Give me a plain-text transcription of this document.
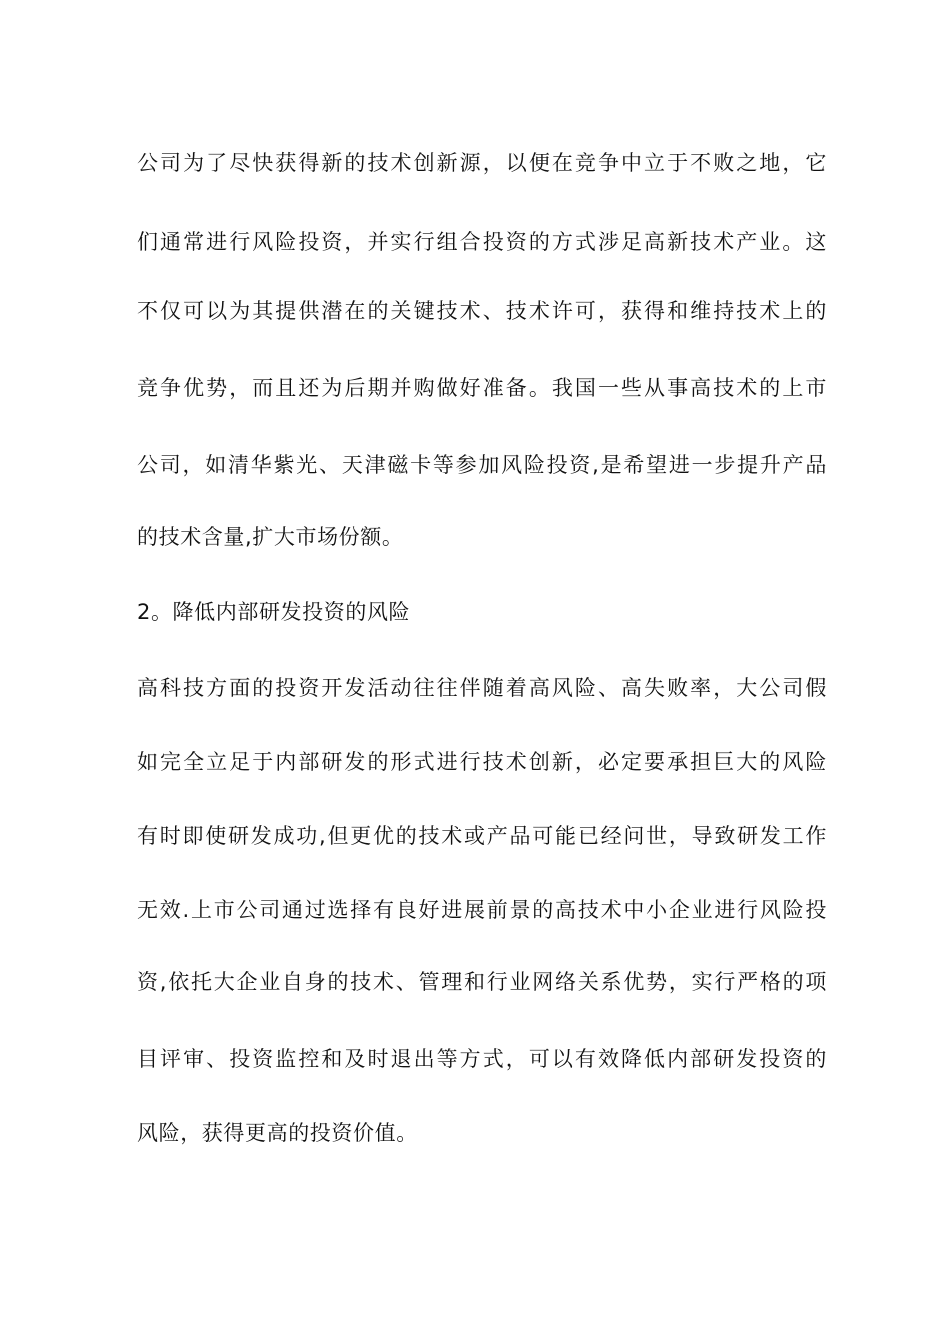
公司为了尽快获得新的技术创新源，以便在竞争中立于不败之地，它
们通常进行风险投资，并实行组合投资的方式涉足高新技术产业。这
不仅可以为其提供潜在的关键技术、技术许可，获得和维持技术上的
竞争优势，而且还为后期并购做好准备。我国一些从事高技术的上市
公司，如清华紫光、天津磁卡等参加风险投资,是希望进一步提升产品
的技术含量,扩大市场份额。
2。降低内部研发投资的风险
高科技方面的投资开发活动往往伴随着高风险、高失败率，大公司假
如完全立足于内部研发的形式进行技术创新，必定要承担巨大的风险
有时即使研发成功,但更优的技术或产品可能已经问世，导致研发工作
无效.上市公司通过选择有良好进展前景的高技术中小企业进行风险投
资,依托大企业自身的技术、管理和行业网络关系优势，实行严格的项
目评审、投资监控和及时退出等方式，可以有效降低内部研发投资的
风险，获得更高的投资价值。
